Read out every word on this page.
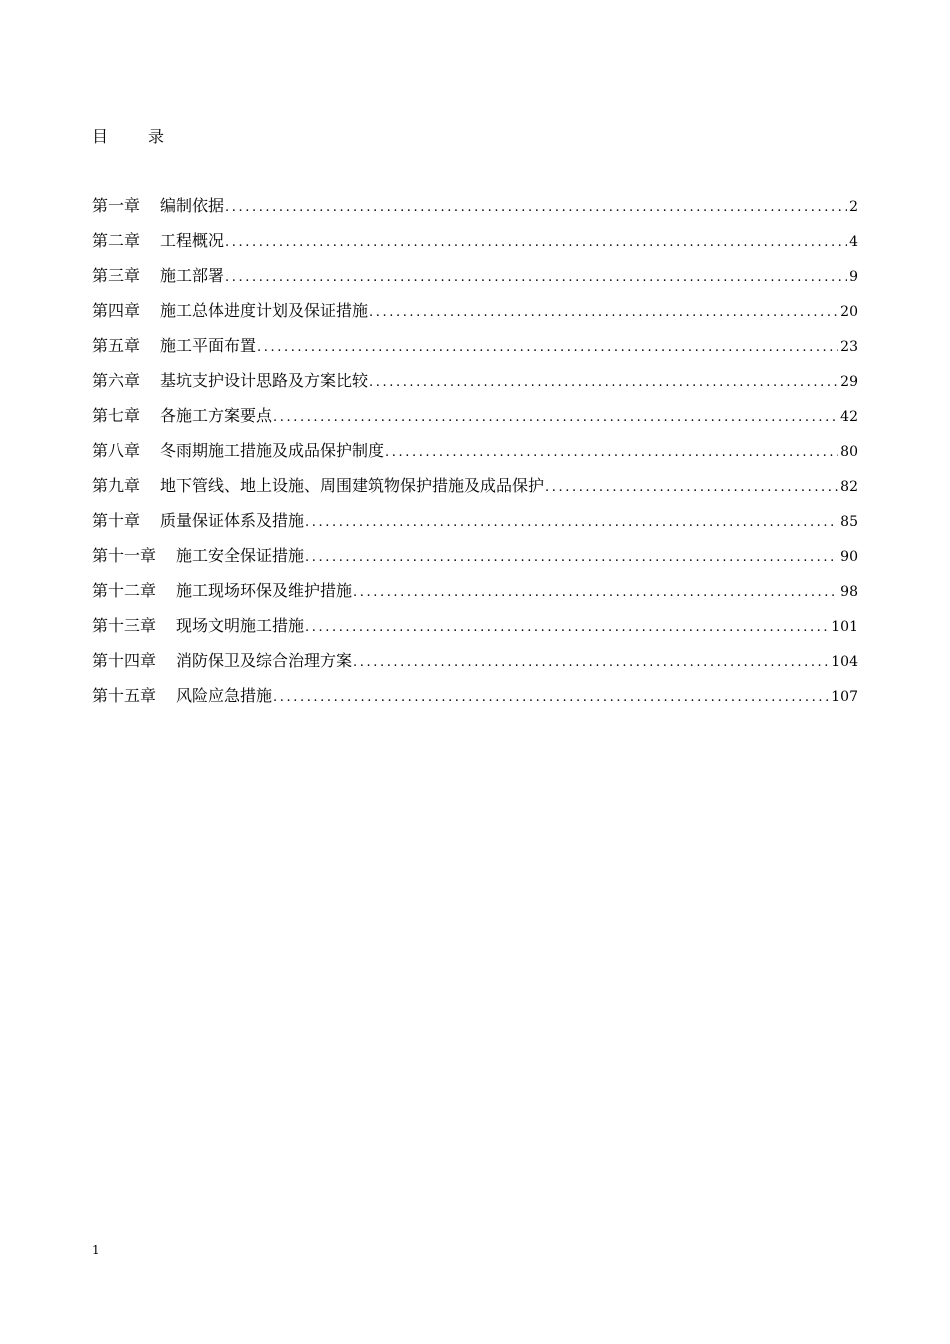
目录
第一章	编制依据 .....	2
第二章	工程概况 .....	4
第三章	施工部署 .....	9
第四章	施工总体进度计划及保证措施 .....	20
第五章	施工平面布置 .....	23
第六章	基坑支护设计思路及方案比较 .....	29
第七章	各施工方案要点 .....	42
第八章	冬雨期施工措施及成品保护制度 .....	80
第九章	地下管线、地上设施、周围建筑物保护措施及成品保护 .....	82
第十章	质量保证体系及措施 .....	85
第十一章	施工安全保证措施 .....	90
第十二章	施工现场环保及维护措施 .....	98
第十三章	现场文明施工措施 .....	101
第十四章	消防保卫及综合治理方案 .....	104
第十五章	风险应急措施 .....	107
1
